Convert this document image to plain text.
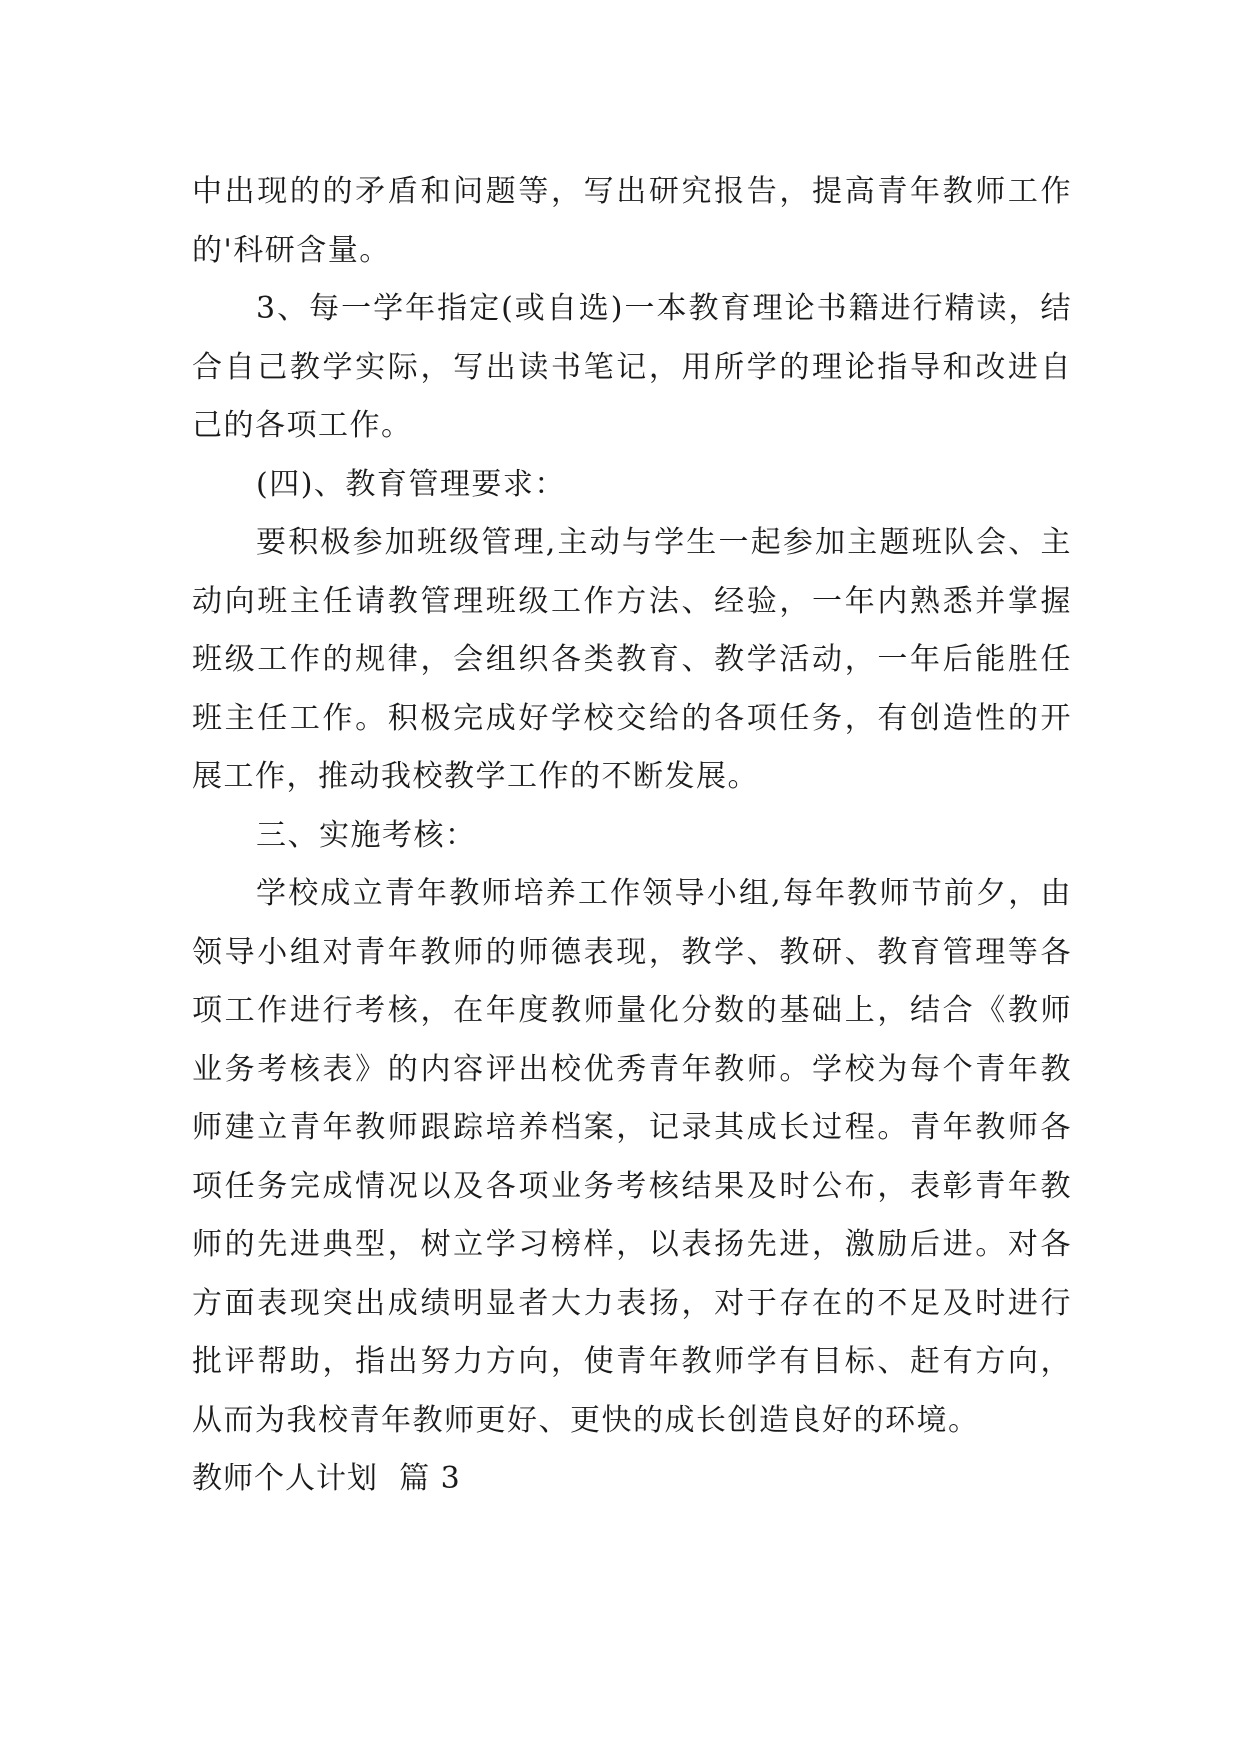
中出现的的矛盾和问题等，写出研究报告，提高青年教师工作的'科研含量。

3、每一学年指定(或自选)一本教育理论书籍进行精读，结合自己教学实际，写出读书笔记，用所学的理论指导和改进自己的各项工作。

(四)、教育管理要求：

要积极参加班级管理,主动与学生一起参加主题班队会、主动向班主任请教管理班级工作方法、经验，一年内熟悉并掌握班级工作的规律，会组织各类教育、教学活动，一年后能胜任班主任工作。积极完成好学校交给的各项任务，有创造性的开展工作，推动我校教学工作的不断发展。

三、实施考核：

学校成立青年教师培养工作领导小组,每年教师节前夕，由领导小组对青年教师的师德表现，教学、教研、教育管理等各项工作进行考核，在年度教师量化分数的基础上，结合《教师业务考核表》的内容评出校优秀青年教师。学校为每个青年教师建立青年教师跟踪培养档案，记录其成长过程。青年教师各项任务完成情况以及各项业务考核结果及时公布，表彰青年教师的先进典型，树立学习榜样，以表扬先进，激励后进。对各方面表现突出成绩明显者大力表扬，对于存在的不足及时进行批评帮助，指出努力方向，使青年教师学有目标、赶有方向，从而为我校青年教师更好、更快的成长创造良好的环境。

教师个人计划  篇 3
